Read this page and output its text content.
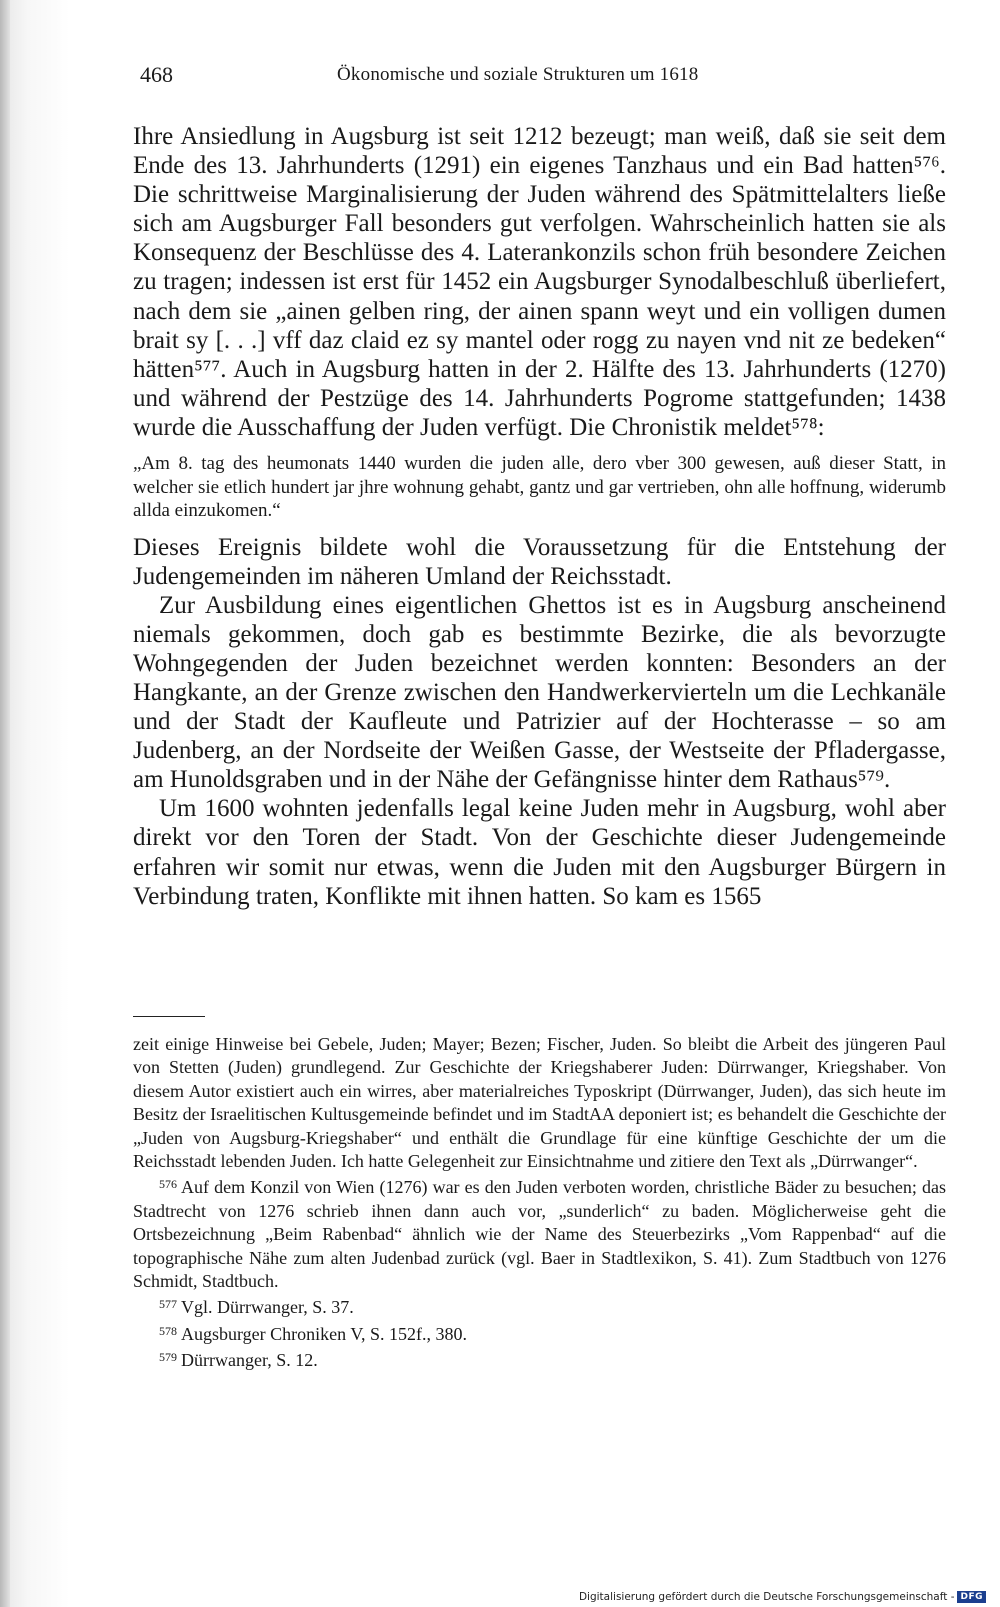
468	Ökonomische und soziale Strukturen um 1618

Ihre Ansiedlung in Augsburg ist seit 1212 bezeugt; man weiß, daß sie seit dem Ende des 13. Jahrhunderts (1291) ein eigenes Tanzhaus und ein Bad hatten⁵⁷⁶. Die schrittweise Marginalisierung der Juden während des Spätmittelalters ließe sich am Augsburger Fall besonders gut verfolgen. Wahrscheinlich hatten sie als Konsequenz der Beschlüsse des 4. Laterankonzils schon früh besondere Zeichen zu tragen; indessen ist erst für 1452 ein Augsburger Synodalbeschluß überliefert, nach dem sie „ainen gelben ring, der ainen spann weyt und ein volligen dumen brait sy [. . .] vff daz claid ez sy mantel oder rogg zu nayen vnd nit ze bedeken“ hätten⁵⁷⁷. Auch in Augsburg hatten in der 2. Hälfte des 13. Jahrhunderts (1270) und während der Pestzüge des 14. Jahrhunderts Pogrome stattgefunden; 1438 wurde die Ausschaffung der Juden verfügt. Die Chronistik meldet⁵⁷⁸:

„Am 8. tag des heumonats 1440 wurden die juden alle, dero vber 300 gewesen, auß dieser Statt, in welcher sie etlich hundert jar jhre wohnung gehabt, gantz und gar vertrieben, ohn alle hoffnung, widerumb allda einzukomen.“

Dieses Ereignis bildete wohl die Voraussetzung für die Entstehung der Judengemeinden im näheren Umland der Reichsstadt.

Zur Ausbildung eines eigentlichen Ghettos ist es in Augsburg anscheinend niemals gekommen, doch gab es bestimmte Bezirke, die als bevorzugte Wohngegenden der Juden bezeichnet werden konnten: Besonders an der Hangkante, an der Grenze zwischen den Handwerkervierteln um die Lechkanäle und der Stadt der Kaufleute und Patrizier auf der Hochterasse – so am Judenberg, an der Nordseite der Weißen Gasse, der Westseite der Pfladergasse, am Hunoldsgraben und in der Nähe der Gefängnisse hinter dem Rathaus⁵⁷⁹.

Um 1600 wohnten jedenfalls legal keine Juden mehr in Augsburg, wohl aber direkt vor den Toren der Stadt. Von der Geschichte dieser Judengemeinde erfahren wir somit nur etwas, wenn die Juden mit den Augsburger Bürgern in Verbindung traten, Konflikte mit ihnen hatten. So kam es 1565

zeit einige Hinweise bei Gebele, Juden; Mayer; Bezen; Fischer, Juden. So bleibt die Arbeit des jüngeren Paul von Stetten (Juden) grundlegend. Zur Geschichte der Kriegshaberer Juden: Dürrwanger, Kriegshaber. Von diesem Autor existiert auch ein wirres, aber materialreiches Typoskript (Dürrwanger, Juden), das sich heute im Besitz der Israelitischen Kultusgemeinde befindet und im StadtAA deponiert ist; es behandelt die Geschichte der „Juden von Augsburg-Kriegshaber“ und enthält die Grundlage für eine künftige Geschichte der um die Reichsstadt lebenden Juden. Ich hatte Gelegenheit zur Einsichtnahme und zitiere den Text als „Dürrwanger“.

$^{576}$ Auf dem Konzil von Wien (1276) war es den Juden verboten worden, christliche Bäder zu besuchen; das Stadtrecht von 1276 schrieb ihnen dann auch vor, „sunderlich“ zu baden. Möglicherweise geht die Ortsbezeichnung „Beim Rabenbad“ ähnlich wie der Name des Steuerbezirks „Vom Rappenbad“ auf die topographische Nähe zum alten Judenbad zurück (vgl. Baer in Stadtlexikon, S. 41). Zum Stadtbuch von 1276 Schmidt, Stadtbuch.

$^{577}$ Vgl. Dürrwanger, S. 37.

$^{578}$ Augsburger Chroniken V, S. 152f., 380.

$^{579}$ Dürrwanger, S. 12.

Digitalisierung gefördert durch die Deutsche Forschungsgemeinschaft - DFG
